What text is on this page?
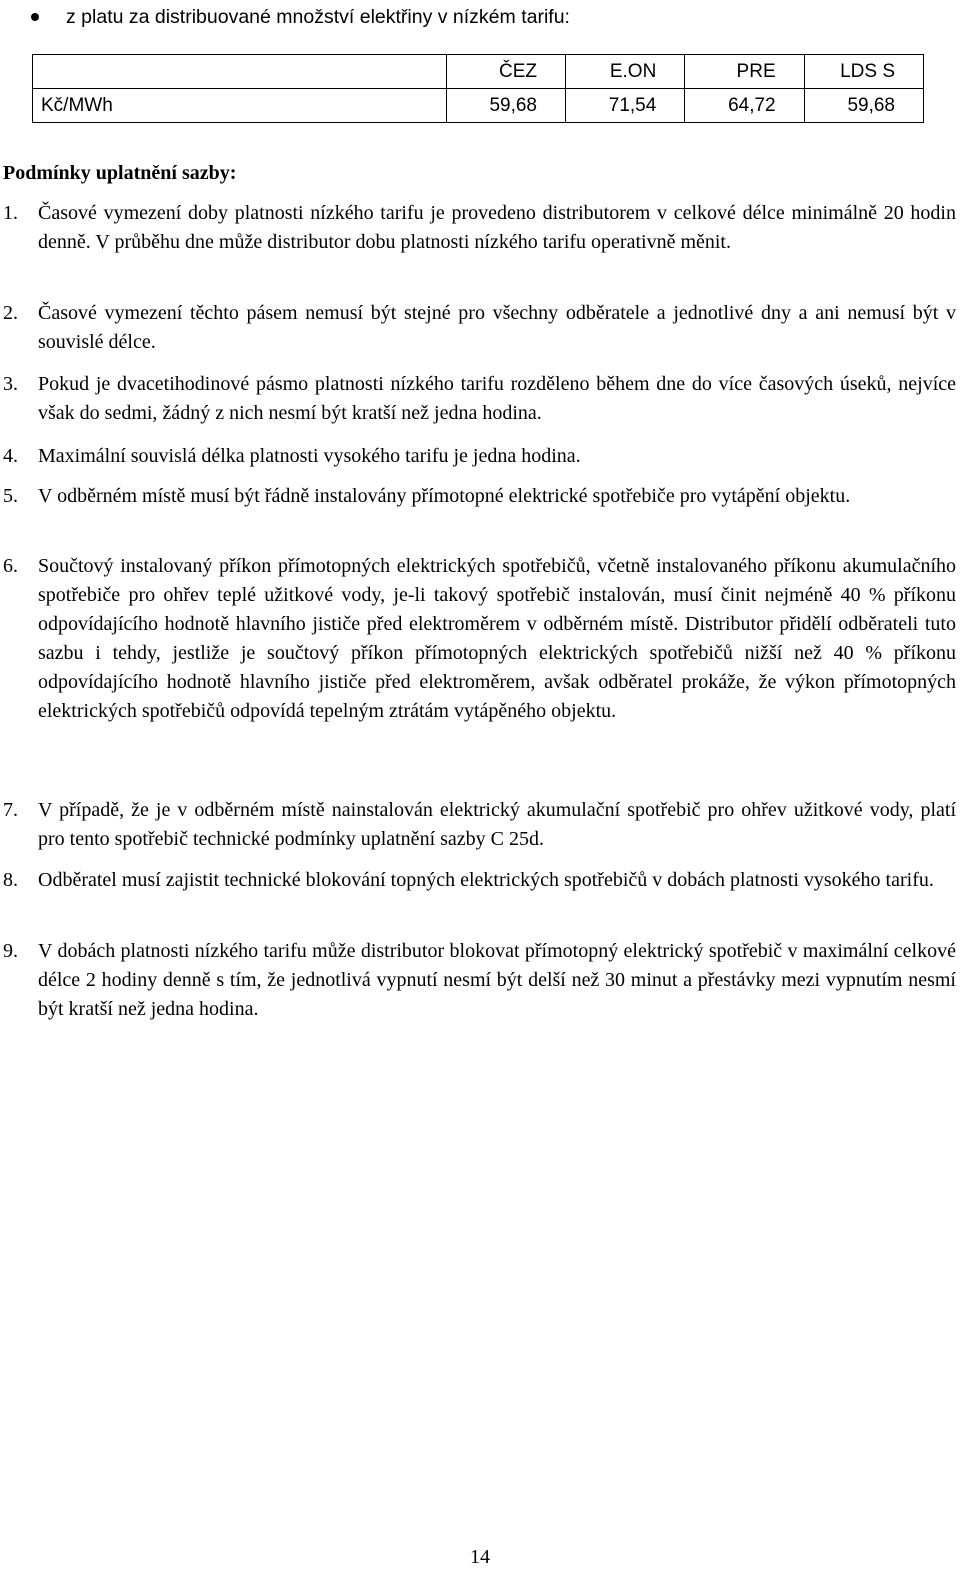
z platu za distribuované množství elektřiny v nízkém tarifu:
	ČEZ	E.ON	PRE	LDS S
Kč/MWh	59,68	71,54	64,72	59,68
Podmínky uplatnění sazby:
1. Časové vymezení doby platnosti nízkého tarifu je provedeno distributorem v celkové délce minimálně 20 hodin denně. V průběhu dne může distributor dobu platnosti nízkého tarifu operativně měnit.
2. Časové vymezení těchto pásem nemusí být stejné pro všechny odběratele a jednotlivé dny a ani nemusí být v souvislé délce.
3. Pokud je dvacetihodinové pásmo platnosti nízkého tarifu rozděleno během dne do více časových úseků, nejvíce však do sedmi, žádný z nich nesmí být kratší než jedna hodina.
4. Maximální souvislá délka platnosti vysokého tarifu je jedna hodina.
5. V odběrném místě musí být řádně instalovány přímotopné elektrické spotřebiče pro vytápění objektu.
6. Součtový instalovaný příkon přímotopných elektrických spotřebičů, včetně instalovaného příkonu akumulačního spotřebiče pro ohřev teplé užitkové vody, je-li takový spotřebič instalován, musí činit nejméně 40 % příkonu odpovídajícího hodnotě hlavního jističe před elektroměrem v odběrném místě. Distributor přidělí odběrateli tuto sazbu i tehdy, jestliže je součtový příkon přímotopných elektrických spotřebičů nižší než 40 % příkonu odpovídajícího hodnotě hlavního jističe před elektroměrem, avšak odběratel prokáže, že výkon přímotopných elektrických spotřebičů odpovídá tepelným ztrátám vytápěného objektu.
7. V případě, že je v odběrném místě nainstalován elektrický akumulační spotřebič pro ohřev užitkové vody, platí pro tento spotřebič technické podmínky uplatnění sazby C 25d.
8. Odběratel musí zajistit technické blokování topných elektrických spotřebičů v dobách platnosti vysokého tarifu.
9. V dobách platnosti nízkého tarifu může distributor blokovat přímotopný elektrický spotřebič v maximální celkové délce 2 hodiny denně s tím, že jednotlivá vypnutí nesmí být delší než 30 minut a přestávky mezi vypnutím nesmí být kratší než jedna hodina.
14
